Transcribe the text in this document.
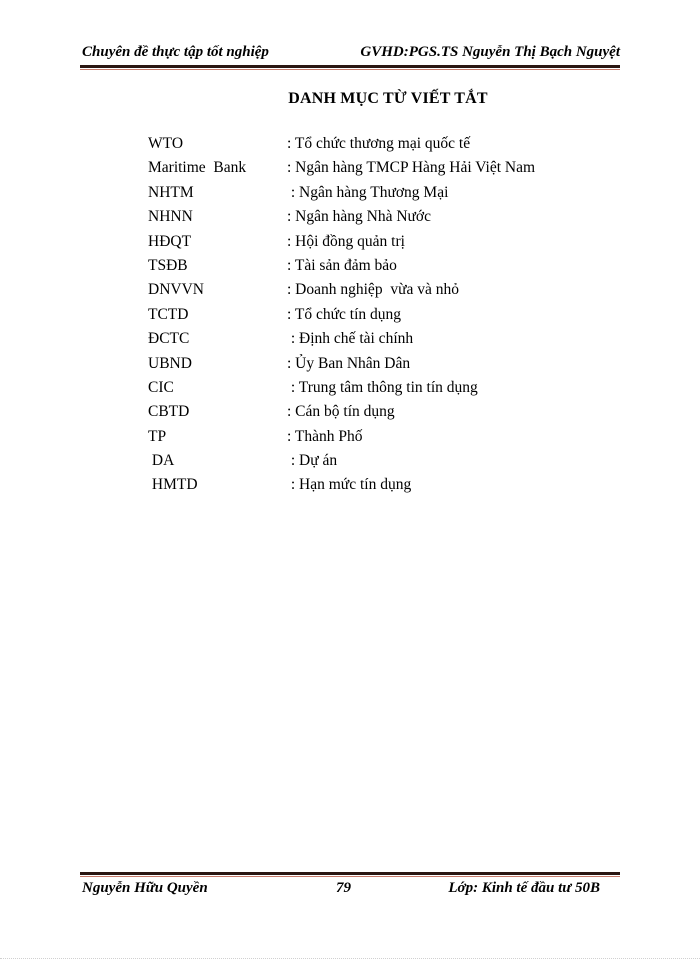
Chuyên đề thực tập tốt nghiệp	GVHD:PGS.TS Nguyễn Thị Bạch Nguyệt
DANH MỤC TỪ VIẾT TẮT
WTO	: Tổ chức thương mại quốc tế
Maritime  Bank	: Ngân hàng TMCP Hàng Hải Việt Nam
NHTM	: Ngân hàng Thương Mại
NHNN	: Ngân hàng Nhà Nước
HĐQT	: Hội đồng quản trị
TSĐB	: Tài sản đảm bảo
DNVVN	: Doanh nghiệp  vừa và nhỏ
TCTD	: Tổ chức tín dụng
ĐCTC	: Định chế tài chính
UBND	: Ủy Ban Nhân Dân
CIC	: Trung tâm thông tin tín dụng
CBTD	: Cán bộ tín dụng
TP	: Thành Phố
DA	: Dự án
HMTD	: Hạn mức tín dụng
Nguyễn Hữu Quyền	79	Lớp: Kinh tế đầu tư 50B
